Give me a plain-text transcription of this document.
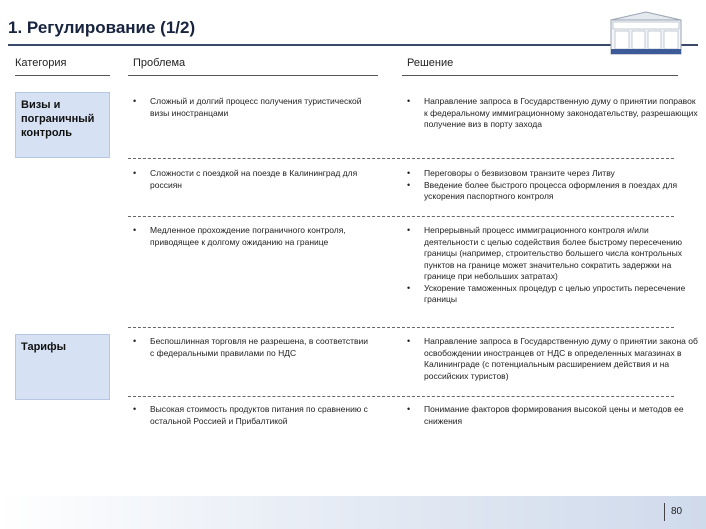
1. Регулирование (1/2)
Категория	Проблема	Решение
Визы и пограничный контроль
Тарифы
• Сложный и долгий процесс получения туристической визы иностранцами
• Направление запроса в Государственную думу о принятии поправок к федеральному иммиграционному законодательству, разрешающих получение виз в порту захода
• Сложности с поездкой на поезде в Калининград для россиян
• Переговоры о безвизовом транзите через Литву
• Введение более быстрого процесса оформления в поездах для ускорения паспортного контроля
• Медленное прохождение пограничного контроля, приводящее к долгому ожиданию на границе
• Непрерывный процесс иммиграционного контроля и/или деятельности с целью содействия более быстрому пересечению границы (например, строительство большего числа контрольных пунктов на границе может значительно сократить задержки на границе при небольших затратах)
• Ускорение таможенных процедур с целью упростить пересечение границы
• Беспошлинная торговля не разрешена, в соответствии с федеральными правилами по НДС
• Направление запроса в Государственную думу о принятии закона об освобождении иностранцев от НДС в определенных магазинах в Калининграде (с потенциальным расширением действия и на российских туристов)
• Высокая стоимость продуктов питания по сравнению с остальной Россией и Прибалтикой
• Понимание факторов формирования высокой цены и методов ее снижения
80
